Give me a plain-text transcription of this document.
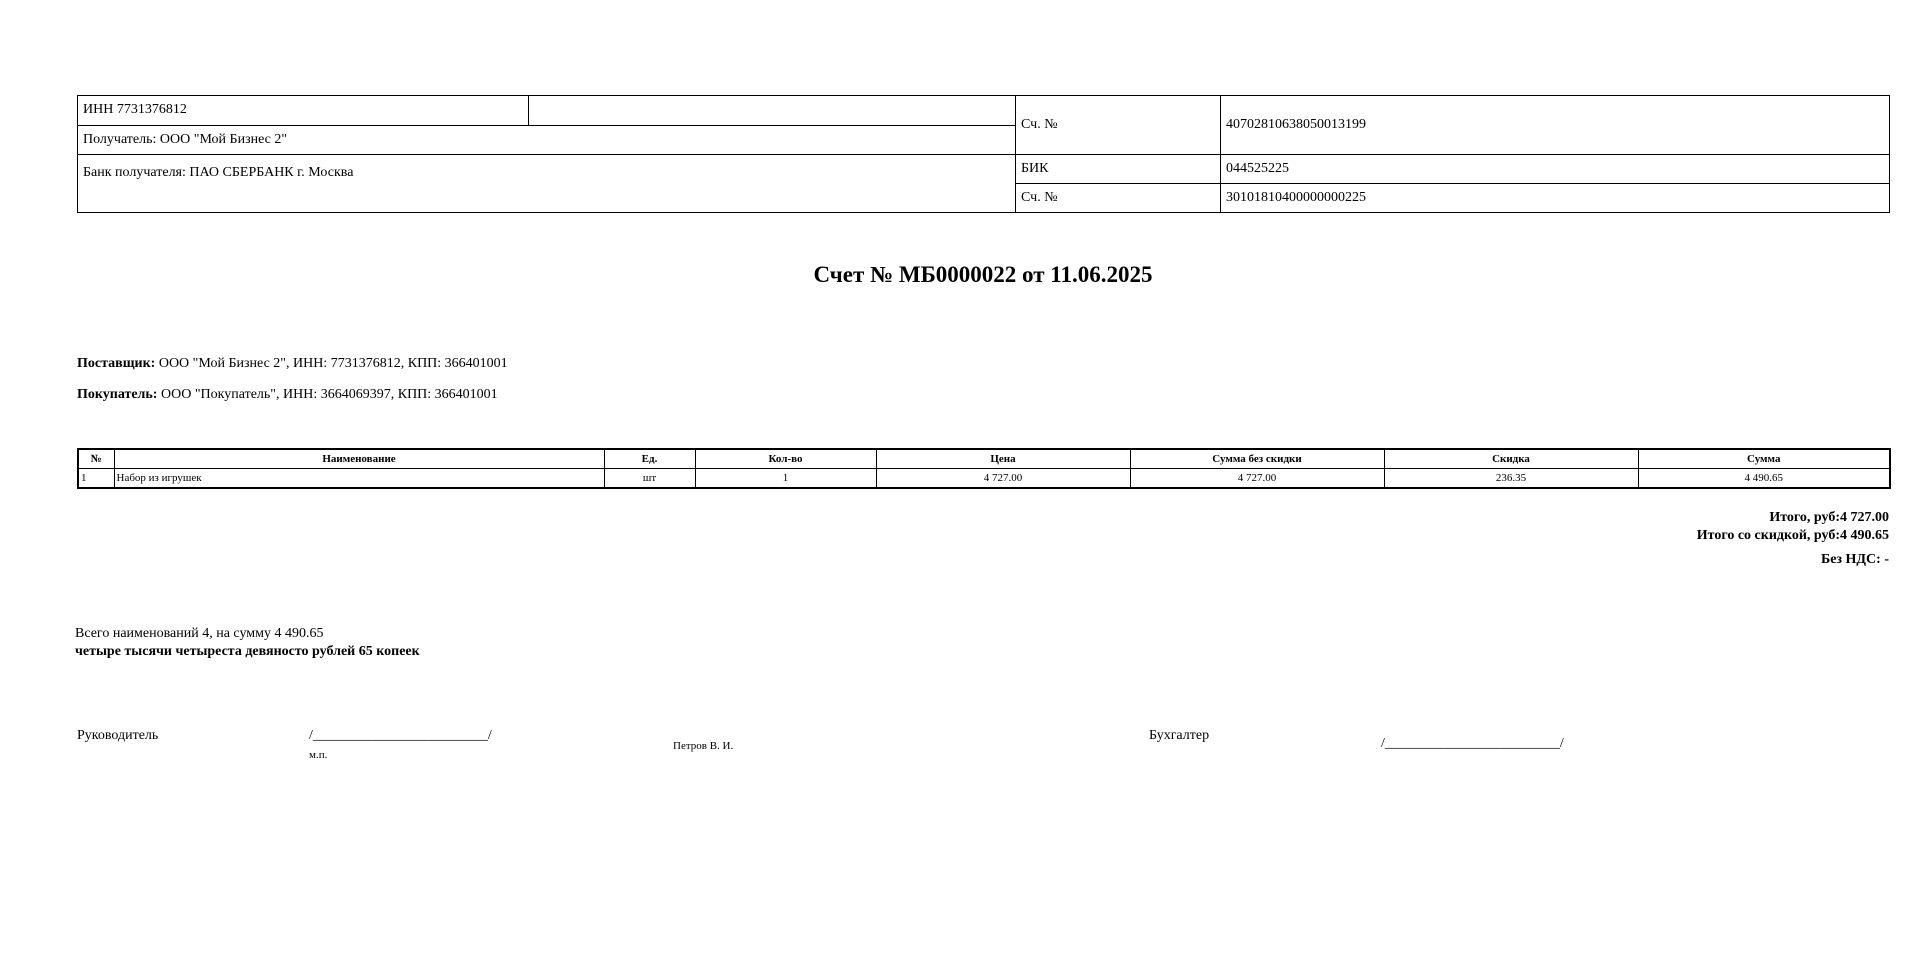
ИНН 7731376812		Сч. №	40702810638050013199
Получатель: ООО "Мой Бизнес 2"			
Банк получателя: ПАО СБЕРБАНК г. Москва		БИК	044525225
		Сч. №	30101810400000000225
Счет № МБ0000022 от 11.06.2025
Поставщик: ООО "Мой Бизнес 2", ИНН: 7731376812, КПП: 366401001
Покупатель: ООО "Покупатель", ИНН: 3664069397, КПП: 366401001
№	Наименование	Ед.	Кол-во	Цена	Сумма без скидки	Скидка	Сумма
1	Набор из игрушек	шт	1	4 727.00	4 727.00	236.35	4 490.65
Итого, руб:4 727.00
Итого со скидкой, руб:4 490.65
Без НДС: -
Всего наименований 4, на сумму 4 490.65
четыре тысячи четыреста девяносто рублей 65 копеек
Руководитель	/_________________________/
м.п.
Петров В. И.
Бухгалтер
/_________________________/
